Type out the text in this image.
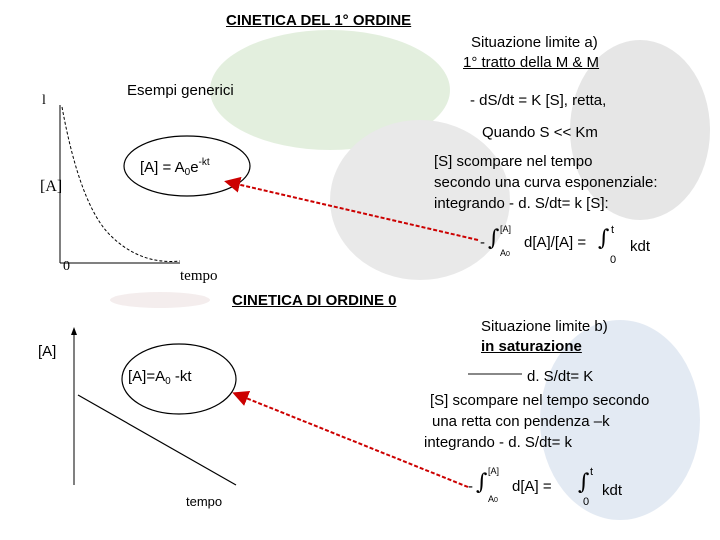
CINETICA DEL 1° ORDINE
Esempi generici
l
[A]
0
tempo
$[A] = A_0e^{-kt}$
Situazione limite a)
1° tratto della M & M
- dS/dt = K [S], retta,
Quando S << Km
[S] scompare nel tempo
secondo una curva esponenziale:
integrando - d. S/dt= k [S]:
- ∫ [A]
A0
d[A]/[A] = ∫ t
0
kdt
CINETICA DI ORDINE 0
[A]
tempo
$[A]=A_0$ -kt
Situazione limite b)
in saturazione
d. S/dt= K
[S] scompare nel tempo secondo
una retta con pendenza –k
integrando - d. S/dt= k
- ∫ [A]
A0
d[A] = ∫ t
0
kdt
